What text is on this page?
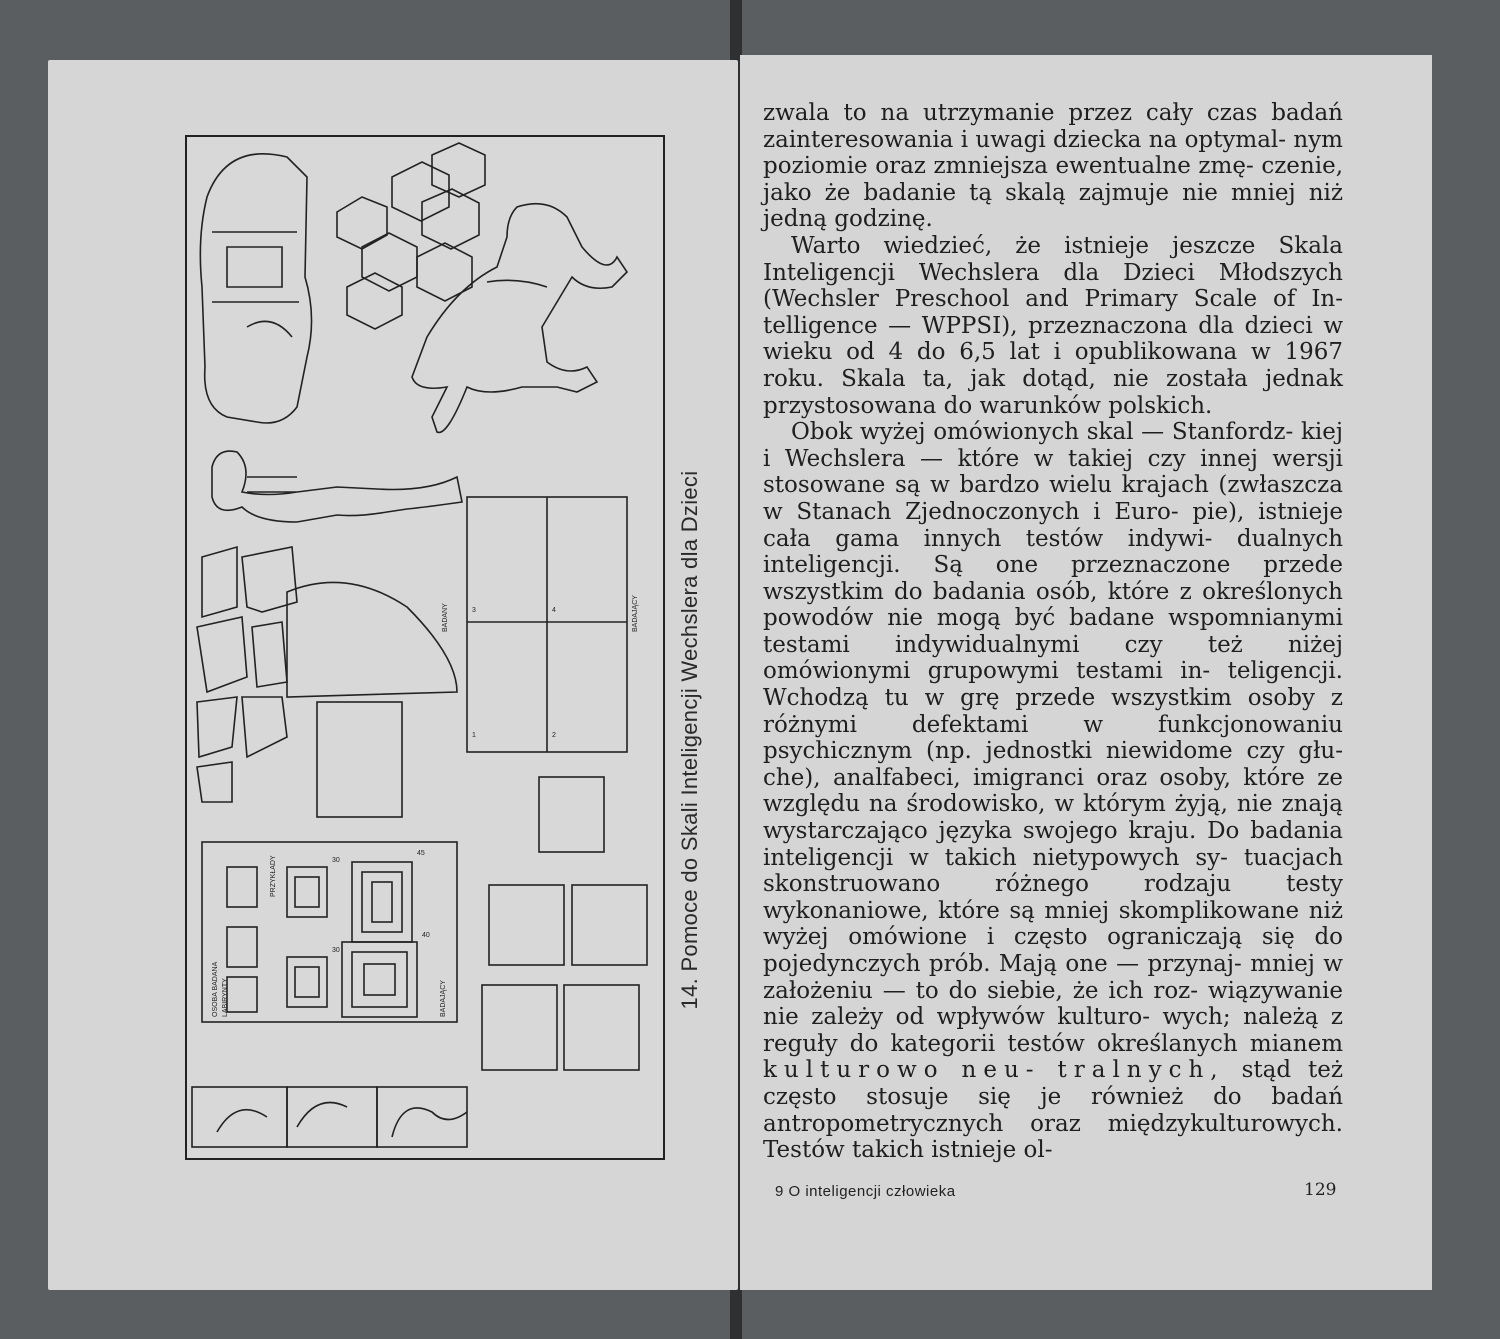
BADANY	BADAJĄCY
1	2
3	4
OSOBA BADANA LABIRYNTY
PRZYKŁADY
BADAJĄCY
30
30
45
40	14. Pomoce do Skali Inteligencji Wechslera dla Dzieci

zwala to na utrzymanie przez cały czas badań zainteresowania i uwagi dziecka na optymal- nym poziomie oraz zmniejsza ewentualne zmę- czenie, jako że badanie tą skalą zajmuje nie mniej niż jedną godzinę.

Warto wiedzieć, że istnieje jeszcze Skala Inteligencji Wechslera dla Dzieci Młodszych (Wechsler Preschool and Primary Scale of In- telligence — WPPSI), przeznaczona dla dzieci w wieku od 4 do 6,5 lat i opublikowana w 1967 roku. Skala ta, jak dotąd, nie została jednak przystosowana do warunków polskich.

Obok wyżej omówionych skal — Stanfordz- kiej i Wechslera — które w takiej czy innej wersji stosowane są w bardzo wielu krajach (zwłaszcza w Stanach Zjednoczonych i Euro- pie), istnieje cała gama innych testów indywi- dualnych inteligencji. Są one przeznaczone przede wszystkim do badania osób, które z określonych powodów nie mogą być badane wspomnianymi testami indywidualnymi czy też niżej omówionymi grupowymi testami in- teligencji. Wchodzą tu w grę przede wszystkim osoby z różnymi defektami w funkcjonowaniu psychicznym (np. jednostki niewidome czy głu- che), analfabeci, imigranci oraz osoby, które ze względu na środowisko, w którym żyją, nie znają wystarczająco języka swojego kraju. Do badania inteligencji w takich nietypowych sy- tuacjach skonstruowano różnego rodzaju testy wykonaniowe, które są mniej skomplikowane niż wyżej omówione i często ograniczają się do pojedynczych prób. Mają one — przynaj- mniej w założeniu — to do siebie, że ich roz- wiązywanie nie zależy od wpływów kulturo- wych; należą z reguły do kategorii testów określanych mianem kulturowo neu- tralnych, stąd też często stosuje się je również do badań antropometrycznych oraz międzykulturowych. Testów takich istnieje ol-

9 O inteligencji człowieka	129
